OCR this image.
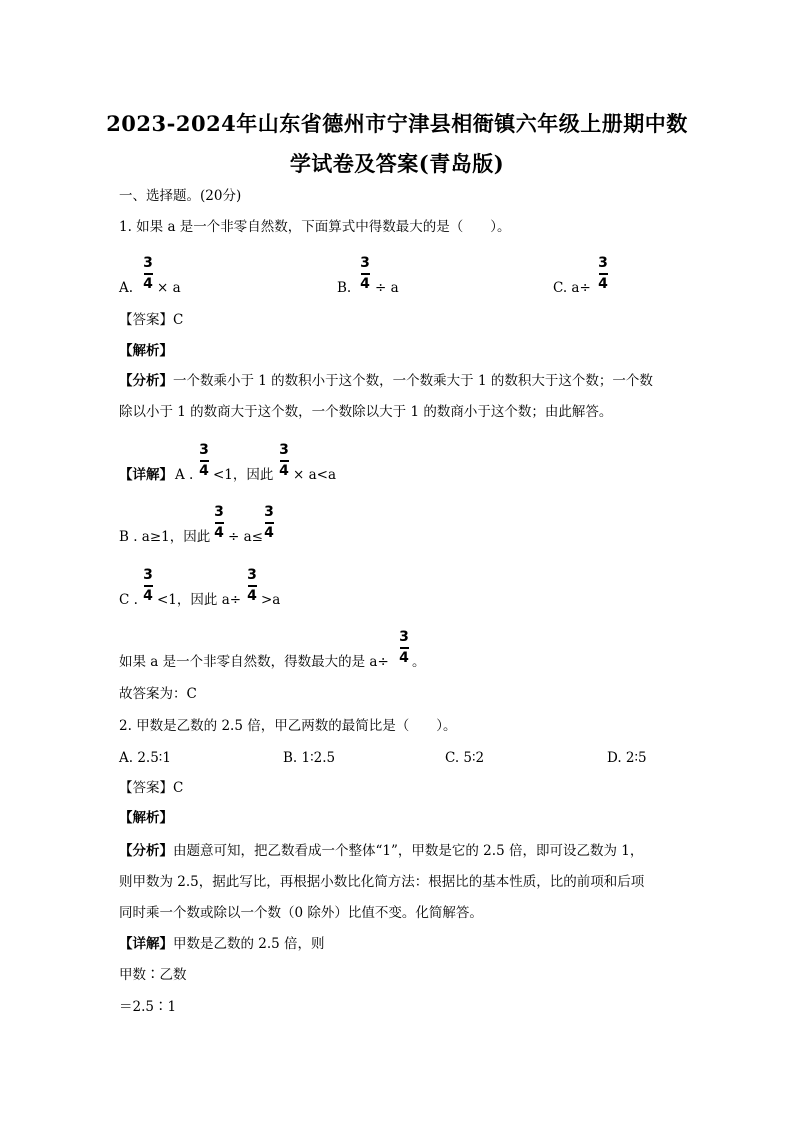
2023-2024年山东省德州市宁津县相衙镇六年级上册期中数
学试卷及答案(青岛版)
一、选择题。(20分)
1. 如果 a 是一个非零自然数，下面算式中得数最大的是（　　）。
A.
3
4 × a	B.
3
4 ÷ a	C. a÷
3
4
【答案】C
【解析】
【分析】一个数乘小于 1 的数积小于这个数，一个数乘大于 1 的数积大于这个数；一个数
除以小于 1 的数商大于这个数，一个数除以大于 1 的数商小于这个数；由此解答。
【详解】 A .
3
4 <1，因此
3
4 × a<a
B . a≥1，因此
3
4 ÷ a≤
3
4
C .
3
4 <1，因此 a÷
3
4 >a
如果 a 是一个非零自然数，得数最大的是 a÷
3
4 。
故答案为：C
2. 甲数是乙数的 2.5 倍，甲乙两数的最简比是（　　）。
A. 2.5∶1	B. 1∶2.5	C. 5∶2	D. 2∶5
【答案】C
【解析】
【分析】由题意可知，把乙数看成一个整体“1”，甲数是它的 2.5 倍，即可设乙数为 1，
则甲数为 2.5，据此写比，再根据小数比化简方法：根据比的基本性质，比的前项和后项
同时乘一个数或除以一个数（0 除外）比值不变。化简解答。
【详解】甲数是乙数的 2.5 倍，则
甲数∶乙数
＝2.5∶1
